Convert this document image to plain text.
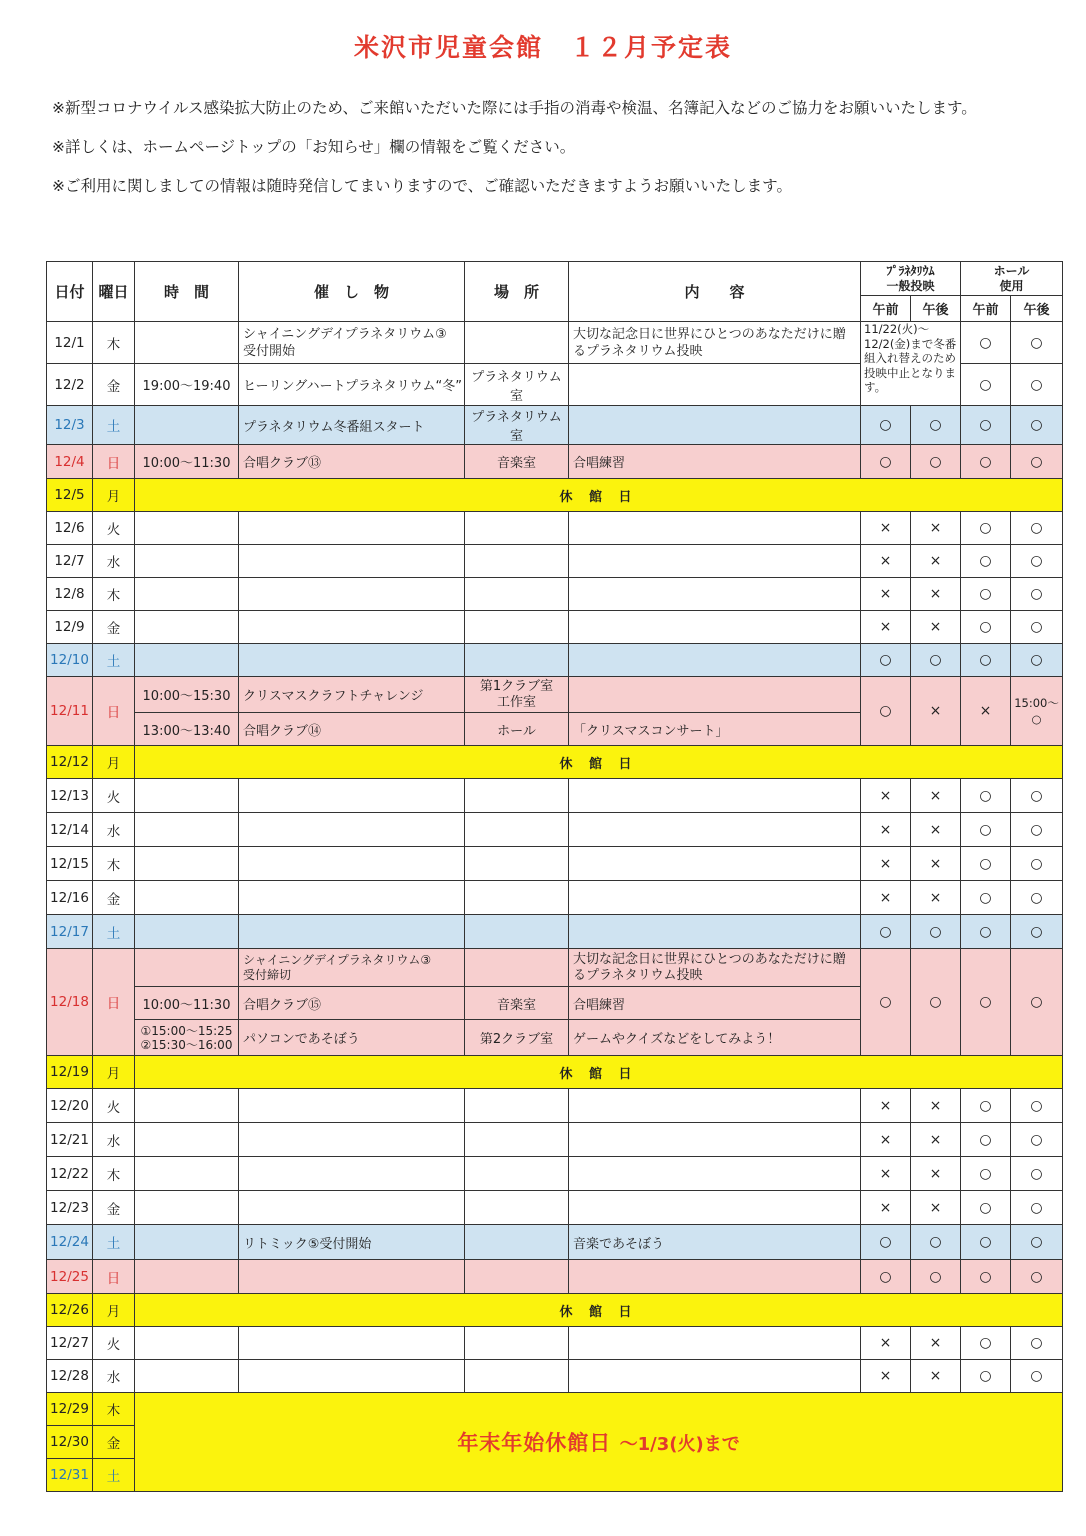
米沢市児童会館　１２月予定表

※新型コロナウイルス感染拡大防止のため、ご来館いただいた際には手指の消毒や検温、名簿記入などのご協力をお願いいたします。

※詳しくは、ホームページトップの「お知らせ」欄の情報をご覧ください。

※ご利用に関しましての情報は随時発信してまいりますので、ご確認いただきますようお願いいたします。

日付	曜日	時　間	催　し　物	場　所	内　　容	ﾌﾟﾗﾈﾀﾘｳﾑ
一般投映		ホール
使用	
						午前	午後	午前	午後
12/1	木		シャイニングデイプラネタリウム③
受付開始		大切な記念日に世界にひとつのあなただけに贈るプラネタリウム投映	11/22(火)～12/2(金)まで冬番組入れ替えのため投映中止となります。		○	○
12/2	金	19:00～19:40	ヒーリングハートプラネタリウム“冬”	プラネタリウム室				○	○
12/3	土		プラネタリウム冬番組スタート	プラネタリウム室		○	○	○	○
12/4	日	10:00～11:30	合唱クラブ⑬	音楽室	合唱練習	○	○	○	○
12/5	月	休 館 日							
12/6	火					×	×	○	○
12/7	水					×	×	○	○
12/8	木					×	×	○	○
12/9	金					×	×	○	○
12/10	土					○	○	○	○
12/11	日	10:00～15:30	クリスマスクラフトチャレンジ	第1クラブ室
工作室		○	×	×	15:00～
○
		13:00～13:40	合唱クラブ⑭	ホール	「クリスマスコンサート」				
12/12	月	休 館 日							
12/13	火					×	×	○	○
12/14	水					×	×	○	○
12/15	木					×	×	○	○
12/16	金					×	×	○	○
12/17	土					○	○	○	○
12/18	日		シャイニングデイプラネタリウム③
受付締切		大切な記念日に世界にひとつのあなただけに贈るプラネタリウム投映	○	○	○	○
		10:00～11:30	合唱クラブ⑮	音楽室	合唱練習				
		①15:00～15:25
②15:30～16:00	パソコンであそぼう	第2クラブ室	ゲームやクイズなどをしてみよう！				
12/19	月	休 館 日							
12/20	火					×	×	○	○
12/21	水					×	×	○	○
12/22	木					×	×	○	○
12/23	金					×	×	○	○
12/24	土		リトミック⑤受付開始		音楽であそぼう	○	○	○	○
12/25	日					○	○	○	○
12/26	月	休 館 日							
12/27	火					×	×	○	○
12/28	水					×	×	○	○
12/29	木	年末年始休館日 ～1/3(火)まで							
12/30	金								
12/31	土								
